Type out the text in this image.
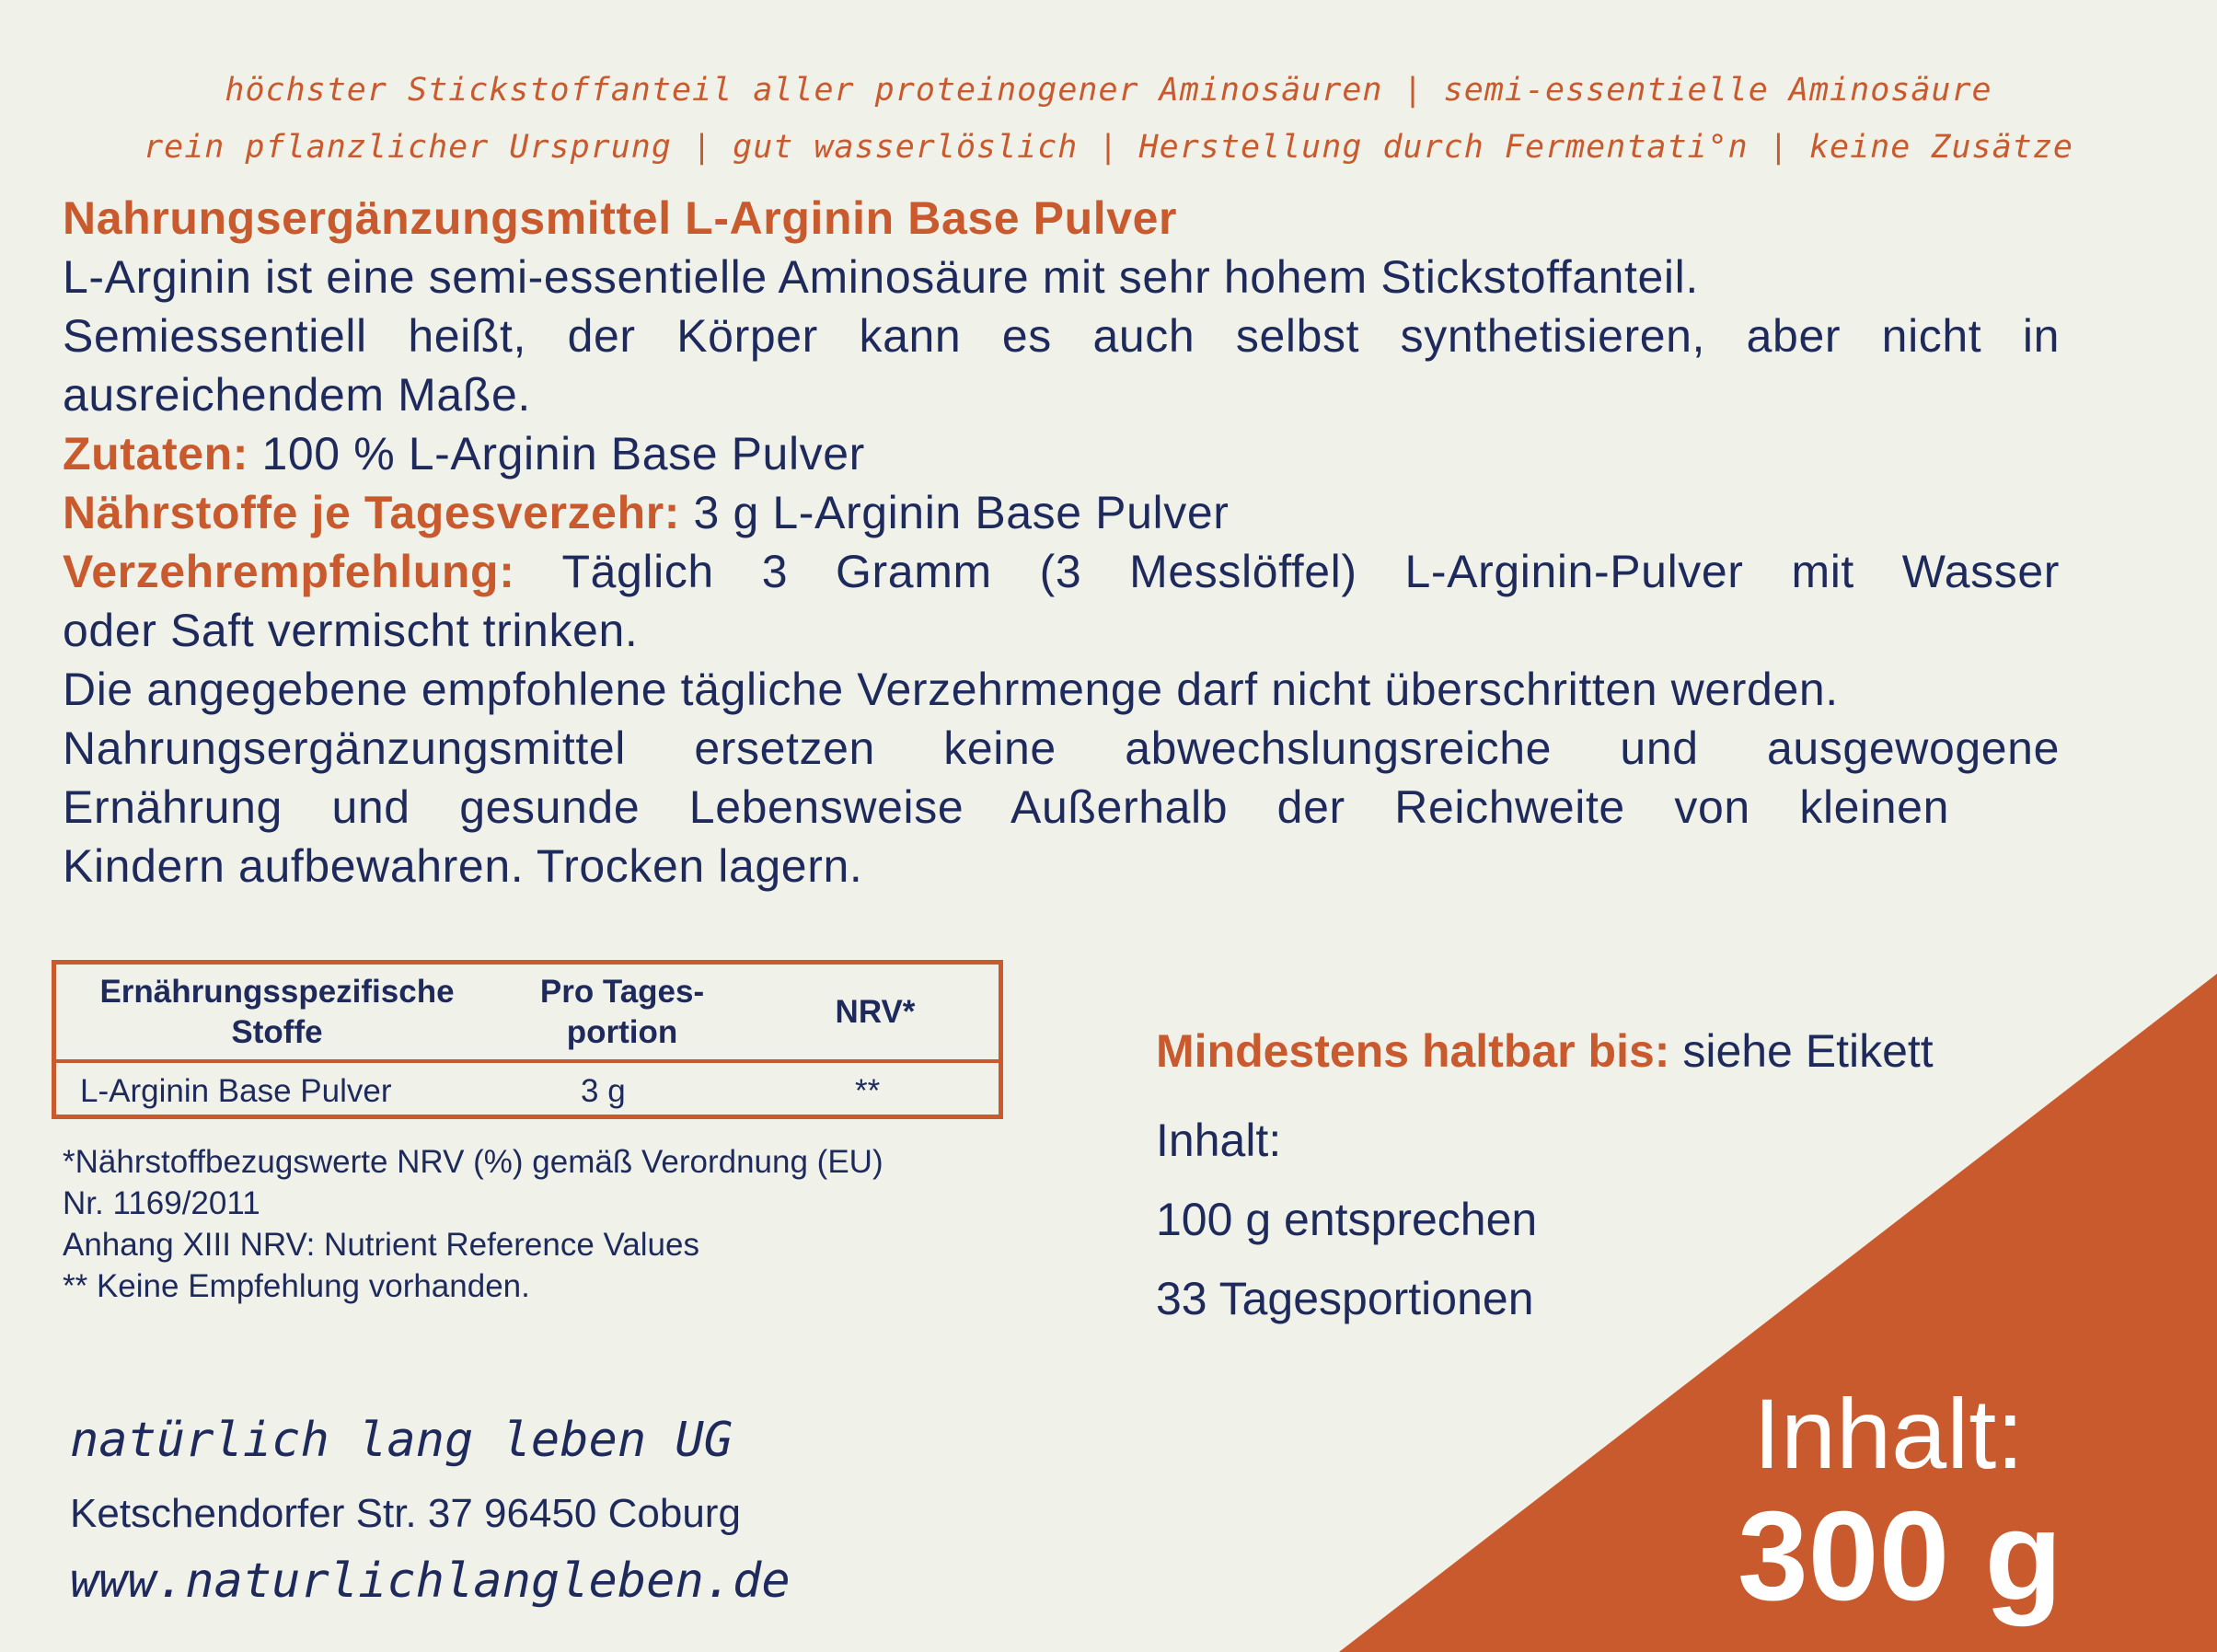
höchster Stickstoffanteil aller proteinogener Aminosäuren | semi-essentielle Aminosäure
rein pflanzlicher Ursprung | gut wasserlöslich | Herstellung durch Fermentati°n | keine Zusätze

Nahrungsergänzungsmittel L-Arginin Base Pulver

L-Arginin ist eine semi-essentielle Aminosäure mit sehr hohem Stickstoffanteil.

Semiessentiell heißt, der Körper kann es auch selbst synthetisieren, aber nicht in

ausreichendem Maße.

Zutaten: 100 % L-Arginin Base Pulver

Nährstoffe je Tagesverzehr: 3 g L-Arginin Base Pulver

Verzehrempfehlung: Täglich 3 Gramm (3 Messlöffel) L-Arginin-Pulver mit Wasser

oder Saft vermischt trinken.

Die angegebene empfohlene tägliche Verzehrmenge darf nicht überschritten werden.

Nahrungsergänzungsmittel ersetzen keine abwechslungsreiche und ausgewogene

Ernährung und gesunde Lebensweise Außerhalb der Reichweite von kleinen

Kindern aufbewahren. Trocken lagern.

Ernährungsspezifische
Stoffe
Pro Tages-
portion
NRV*
L-Arginin Base Pulver	3 g	**
*Nährstoffbezugswerte NRV (%) gemäß Verordnung (EU)
Nr. 1169/2011
Anhang XIII NRV: Nutrient Reference Values
** Keine Empfehlung vorhanden.
Mindestens haltbar bis: siehe Etikett
Inhalt:
100 g entsprechen
33 Tagesportionen
natürlich lang leben UG
Ketschendorfer Str. 37 96450 Coburg
www.naturlichlangleben.de
Inhalt:
300 g
